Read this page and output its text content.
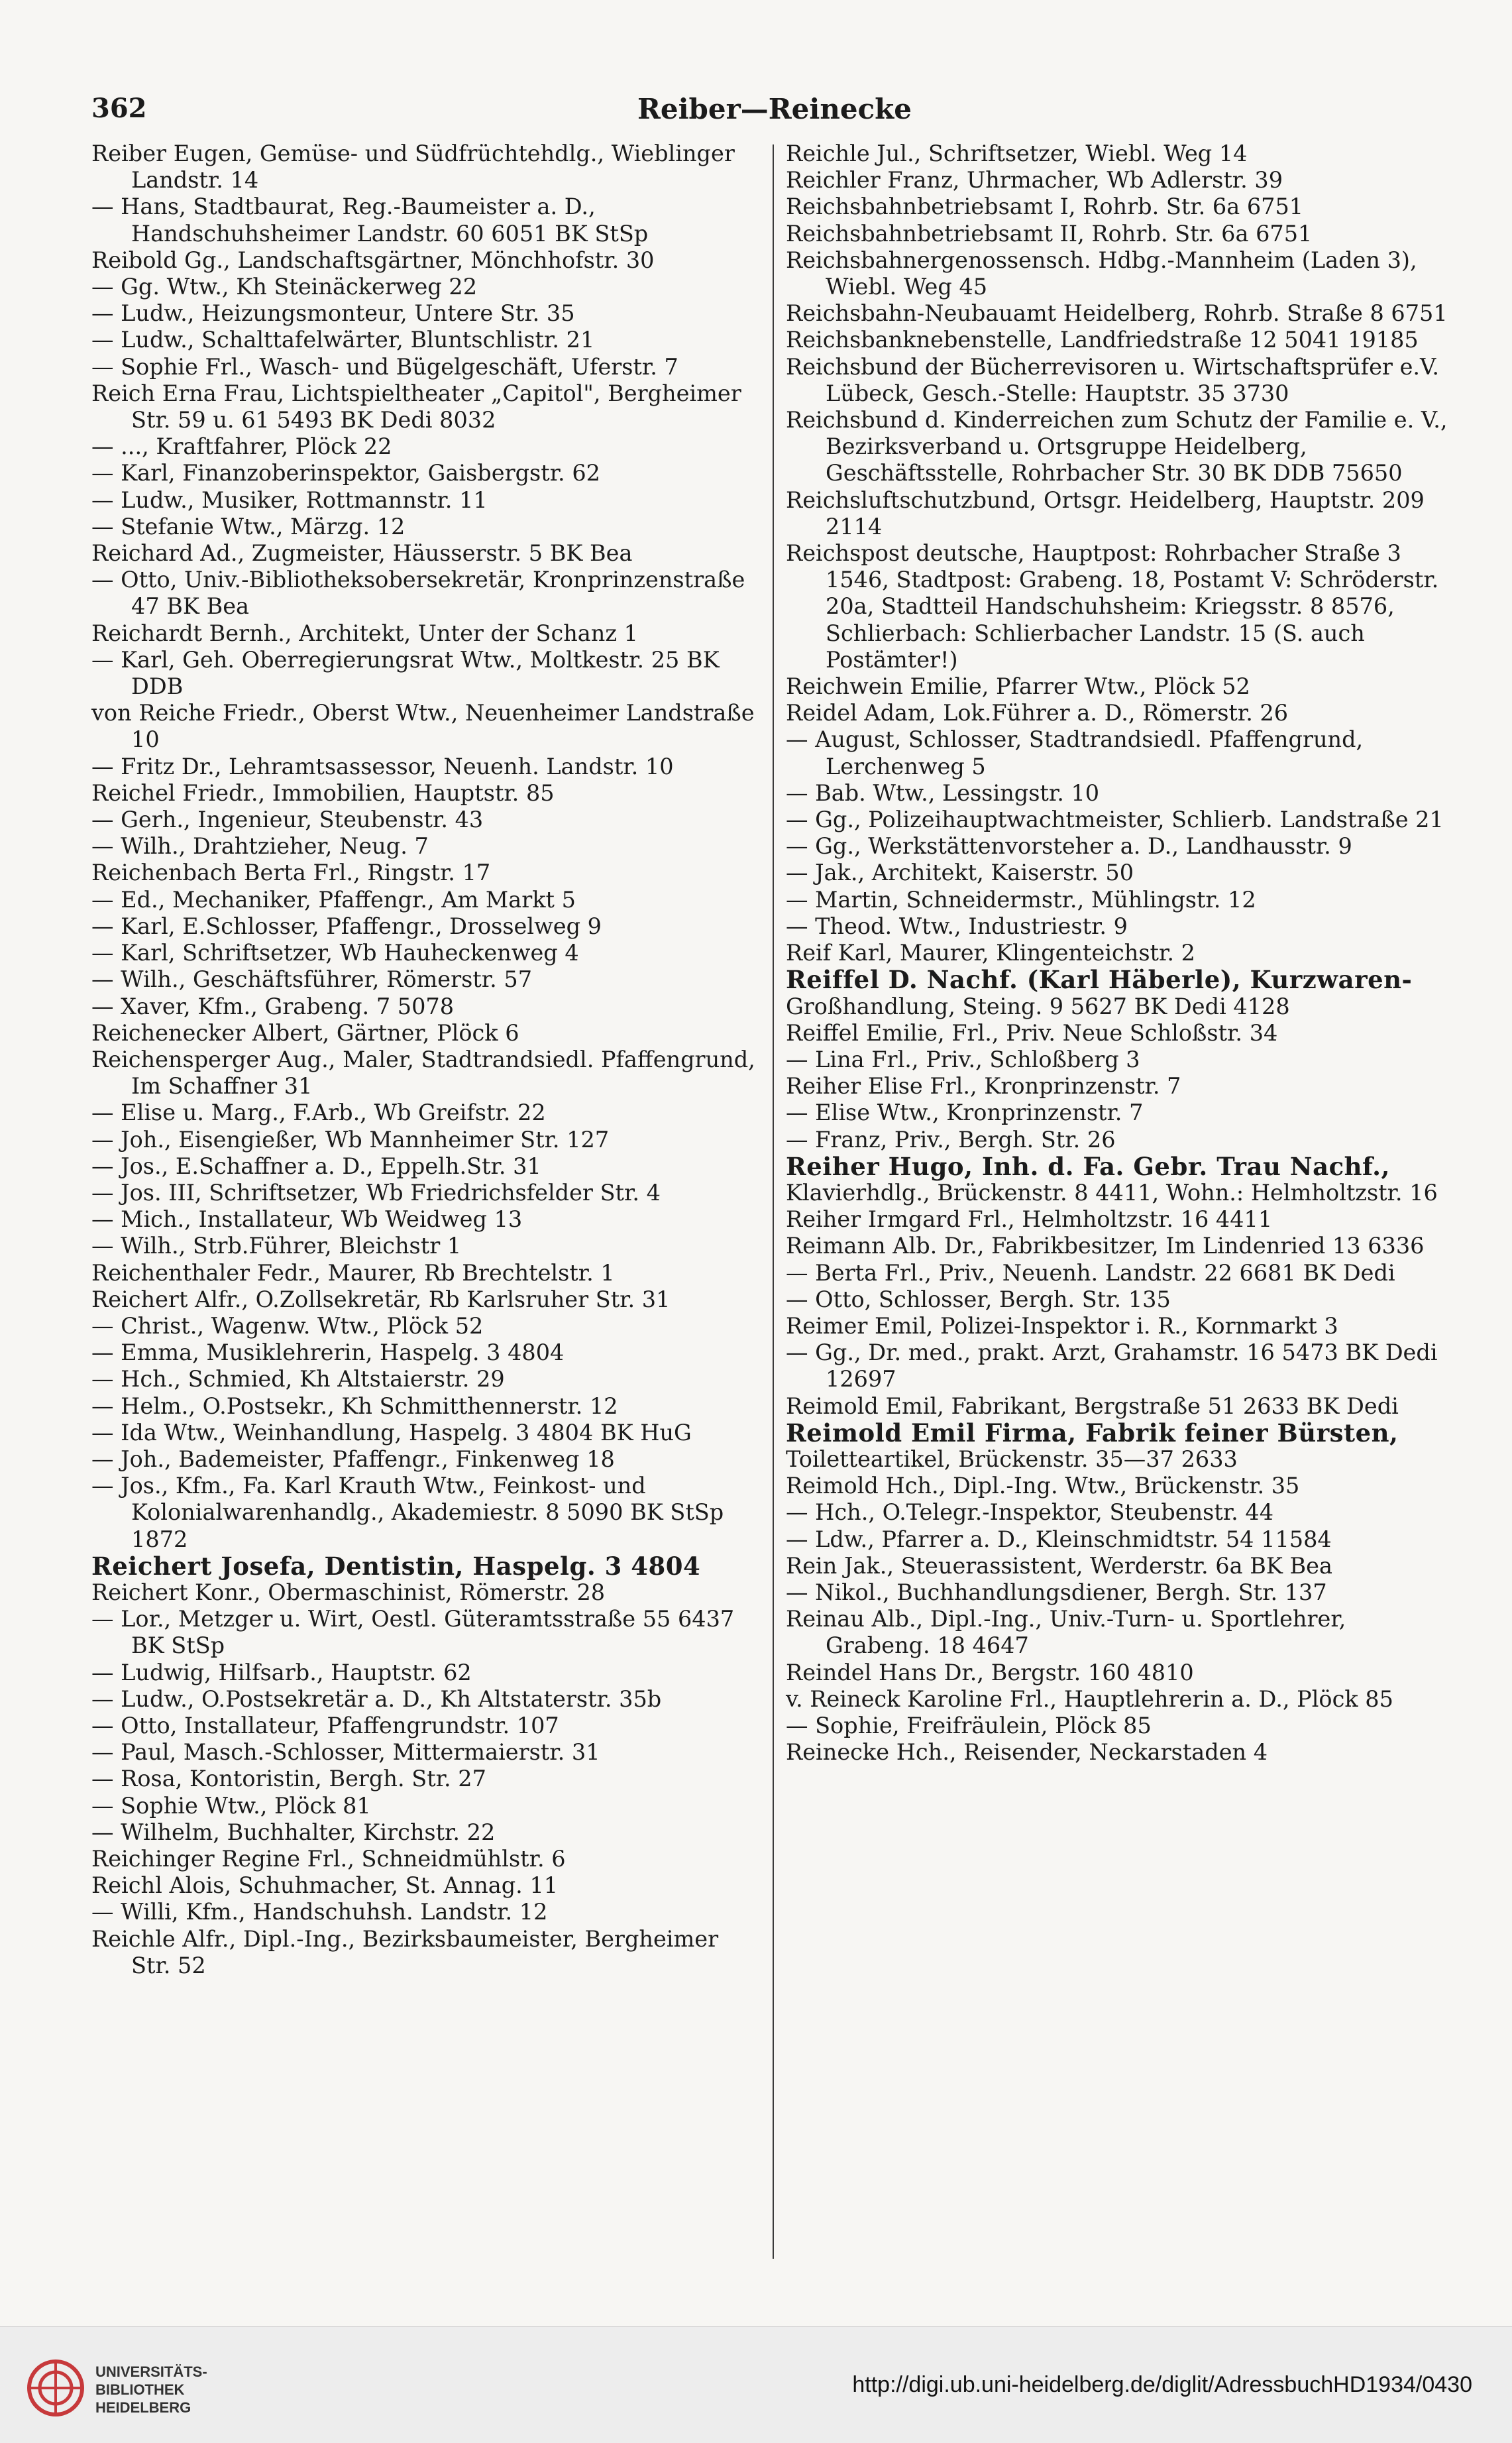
362	Reiber—Reinecke

Reiber Eugen, Gemüse- und Südfrüchtehdlg., Wieblinger Landstr. 14

— Hans, Stadtbaurat, Reg.-Baumeister a. D., Handschuhsheimer Landstr. 60 6051 BK StSp

Reibold Gg., Landschaftsgärtner, Mönchhofstr. 30

— Gg. Wtw., Kh Steinäckerweg 22

— Ludw., Heizungsmonteur, Untere Str. 35

— Ludw., Schalttafelwärter, Bluntschlistr. 21

— Sophie Frl., Wasch- und Bügelgeschäft, Uferstr. 7

Reich Erna Frau, Lichtspieltheater „Capitol", Bergheimer Str. 59 u. 61 5493 BK Dedi 8032

— ..., Kraftfahrer, Plöck 22

— Karl, Finanzoberinspektor, Gaisbergstr. 62

— Ludw., Musiker, Rottmannstr. 11

— Stefanie Wtw., Märzg. 12

Reichard Ad., Zugmeister, Häusserstr. 5 BK Bea

— Otto, Univ.-Bibliotheksobersekretär, Kronprinzenstraße 47 BK Bea

Reichardt Bernh., Architekt, Unter der Schanz 1

— Karl, Geh. Oberregierungsrat Wtw., Moltkestr. 25 BK DDB

von Reiche Friedr., Oberst Wtw., Neuenheimer Landstraße 10

— Fritz Dr., Lehramtsassessor, Neuenh. Landstr. 10

Reichel Friedr., Immobilien, Hauptstr. 85

— Gerh., Ingenieur, Steubenstr. 43

— Wilh., Drahtzieher, Neug. 7

Reichenbach Berta Frl., Ringstr. 17

— Ed., Mechaniker, Pfaffengr., Am Markt 5

— Karl, E.Schlosser, Pfaffengr., Drosselweg 9

— Karl, Schriftsetzer, Wb Hauheckenweg 4

— Wilh., Geschäftsführer, Römerstr. 57

— Xaver, Kfm., Grabeng. 7 5078

Reichenecker Albert, Gärtner, Plöck 6

Reichensperger Aug., Maler, Stadtrandsiedl. Pfaffengrund, Im Schaffner 31

— Elise u. Marg., F.Arb., Wb Greifstr. 22

— Joh., Eisengießer, Wb Mannheimer Str. 127

— Jos., E.Schaffner a. D., Eppelh.Str. 31

— Jos. III, Schriftsetzer, Wb Friedrichsfelder Str. 4

— Mich., Installateur, Wb Weidweg 13

— Wilh., Strb.Führer, Bleichstr 1

Reichenthaler Fedr., Maurer, Rb Brechtelstr. 1

Reichert Alfr., O.Zollsekretär, Rb Karlsruher Str. 31

— Christ., Wagenw. Wtw., Plöck 52

— Emma, Musiklehrerin, Haspelg. 3 4804

— Hch., Schmied, Kh Altstaierstr. 29

— Helm., O.Postsekr., Kh Schmitthennerstr. 12

— Ida Wtw., Weinhandlung, Haspelg. 3 4804 BK HuG

— Joh., Bademeister, Pfaffengr., Finkenweg 18

— Jos., Kfm., Fa. Karl Krauth Wtw., Feinkost- und Kolonialwarenhandlg., Akademiestr. 8 5090 BK StSp 1872

Reichert Josefa, Dentistin, Haspelg. 3 4804

Reichert Konr., Obermaschinist, Römerstr. 28

— Lor., Metzger u. Wirt, Oestl. Güteramtsstraße 55 6437 BK StSp

— Ludwig, Hilfsarb., Hauptstr. 62

— Ludw., O.Postsekretär a. D., Kh Altstaterstr. 35b

— Otto, Installateur, Pfaffengrundstr. 107

— Paul, Masch.-Schlosser, Mittermaierstr. 31

— Rosa, Kontoristin, Bergh. Str. 27

— Sophie Wtw., Plöck 81

— Wilhelm, Buchhalter, Kirchstr. 22

Reichinger Regine Frl., Schneidmühlstr. 6

Reichl Alois, Schuhmacher, St. Annag. 11

— Willi, Kfm., Handschuhsh. Landstr. 12

Reichle Alfr., Dipl.-Ing., Bezirksbaumeister, Bergheimer Str. 52

Reichle Jul., Schriftsetzer, Wiebl. Weg 14

Reichler Franz, Uhrmacher, Wb Adlerstr. 39

Reichsbahnbetriebsamt I, Rohrb. Str. 6a 6751

Reichsbahnbetriebsamt II, Rohrb. Str. 6a 6751

Reichsbahnergenossensch. Hdbg.-Mannheim (Laden 3), Wiebl. Weg 45

Reichsbahn-Neubauamt Heidelberg, Rohrb. Straße 8 6751

Reichsbanknebenstelle, Landfriedstraße 12 5041 19185

Reichsbund der Bücherrevisoren u. Wirtschaftsprüfer e.V. Lübeck, Gesch.-Stelle: Hauptstr. 35 3730

Reichsbund d. Kinderreichen zum Schutz der Familie e. V., Bezirksverband u. Ortsgruppe Heidelberg, Geschäftsstelle, Rohrbacher Str. 30 BK DDB 75650

Reichsluftschutzbund, Ortsgr. Heidelberg, Hauptstr. 209 2114

Reichspost deutsche, Hauptpost: Rohrbacher Straße 3 1546, Stadtpost: Grabeng. 18, Postamt V: Schröderstr. 20a, Stadtteil Handschuhsheim: Kriegsstr. 8 8576, Schlierbach: Schlierbacher Landstr. 15 (S. auch Postämter!)

Reichwein Emilie, Pfarrer Wtw., Plöck 52

Reidel Adam, Lok.Führer a. D., Römerstr. 26

— August, Schlosser, Stadtrandsiedl. Pfaffengrund, Lerchenweg 5

— Bab. Wtw., Lessingstr. 10

— Gg., Polizeihauptwachtmeister, Schlierb. Landstraße 21

— Gg., Werkstättenvorsteher a. D., Landhausstr. 9

— Jak., Architekt, Kaiserstr. 50

— Martin, Schneidermstr., Mühlingstr. 12

— Theod. Wtw., Industriestr. 9

Reif Karl, Maurer, Klingenteichstr. 2

Reiffel D. Nachf. (Karl Häberle), Kurzwaren-

Großhandlung, Steing. 9 5627 BK Dedi 4128

Reiffel Emilie, Frl., Priv. Neue Schloßstr. 34

— Lina Frl., Priv., Schloßberg 3

Reiher Elise Frl., Kronprinzenstr. 7

— Elise Wtw., Kronprinzenstr. 7

— Franz, Priv., Bergh. Str. 26

Reiher Hugo, Inh. d. Fa. Gebr. Trau Nachf.,

Klavierhdlg., Brückenstr. 8 4411, Wohn.: Helmholtzstr. 16

Reiher Irmgard Frl., Helmholtzstr. 16 4411

Reimann Alb. Dr., Fabrikbesitzer, Im Lindenried 13 6336

— Berta Frl., Priv., Neuenh. Landstr. 22 6681 BK Dedi

— Otto, Schlosser, Bergh. Str. 135

Reimer Emil, Polizei-Inspektor i. R., Kornmarkt 3

— Gg., Dr. med., prakt. Arzt, Grahamstr. 16 5473 BK Dedi 12697

Reimold Emil, Fabrikant, Bergstraße 51 2633 BK Dedi

Reimold Emil Firma, Fabrik feiner Bürsten,

Toiletteartikel, Brückenstr. 35—37 2633

Reimold Hch., Dipl.-Ing. Wtw., Brückenstr. 35

— Hch., O.Telegr.-Inspektor, Steubenstr. 44

— Ldw., Pfarrer a. D., Kleinschmidtstr. 54 11584

Rein Jak., Steuerassistent, Werderstr. 6a BK Bea

— Nikol., Buchhandlungsdiener, Bergh. Str. 137

Reinau Alb., Dipl.-Ing., Univ.-Turn- u. Sportlehrer, Grabeng. 18 4647

Reindel Hans Dr., Bergstr. 160 4810

v. Reineck Karoline Frl., Hauptlehrerin a. D., Plöck 85

— Sophie, Freifräulein, Plöck 85

Reinecke Hch., Reisender, Neckarstaden 4

UNIVERSITÄTS-
BIBLIOTHEK
HEIDELBERG
http://digi.ub.uni-heidelberg.de/diglit/AdressbuchHD1934/0430
